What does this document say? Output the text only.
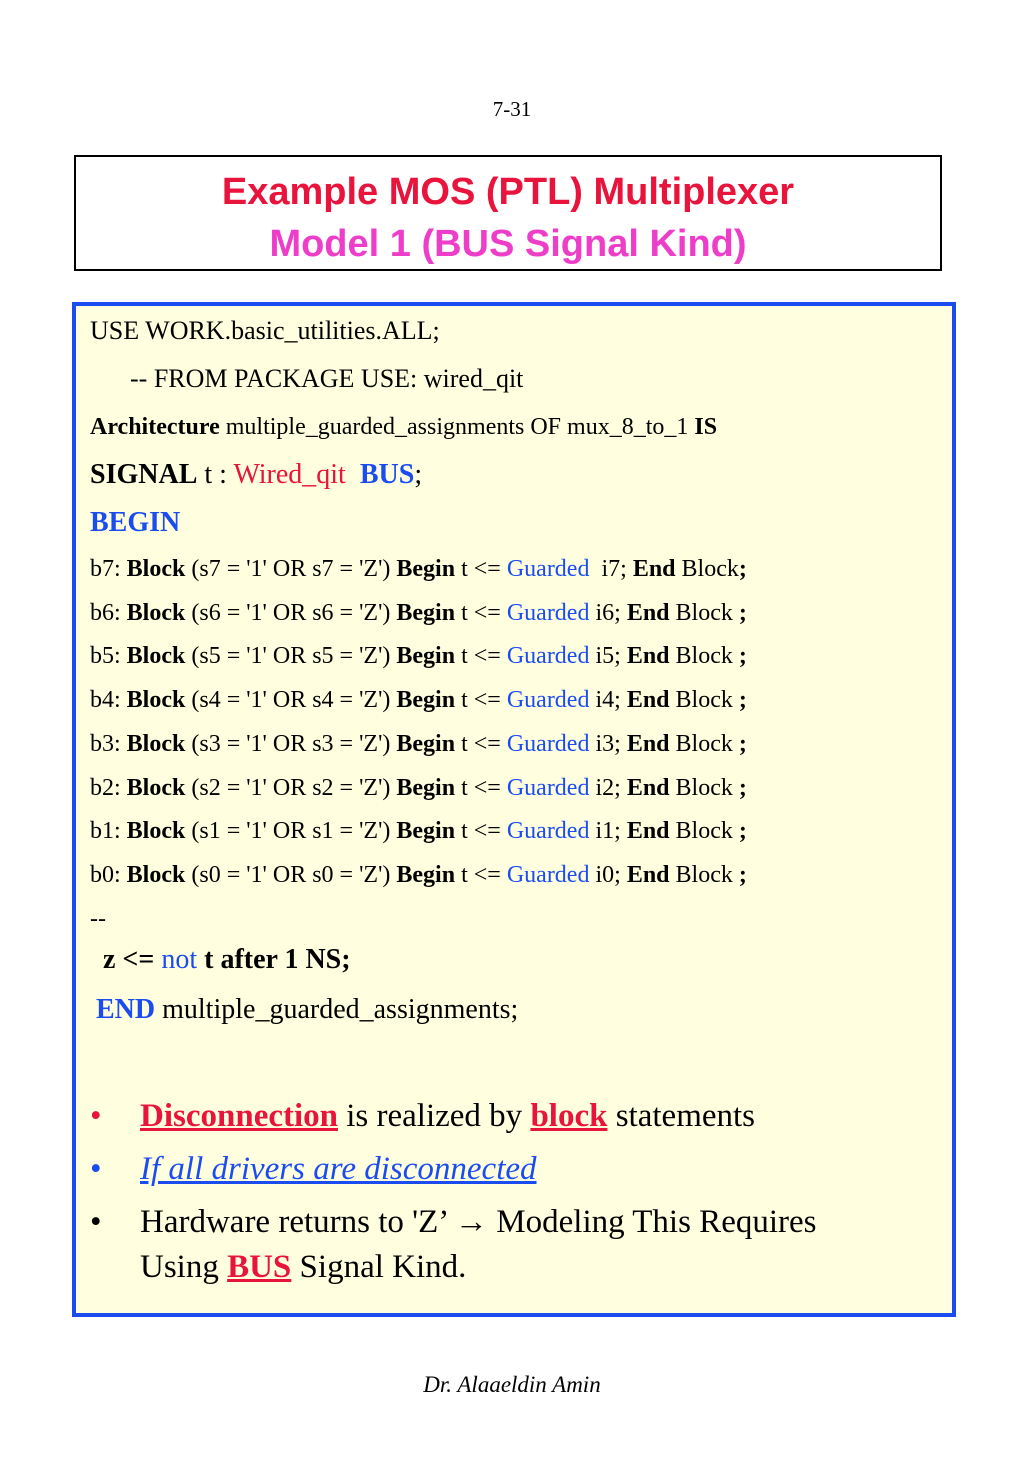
7-31
Example MOS (PTL) Multiplexer
Model 1 (BUS Signal Kind)
USE WORK.basic_utilities.ALL;
-- FROM PACKAGE USE: wired_qit
Architecture multiple_guarded_assignments OF mux_8_to_1 IS
SIGNAL t : Wired_qit BUS;
BEGIN
b7: Block (s7 = '1' OR s7 = 'Z') Begin t <= Guarded  i7; End Block;
b6: Block (s6 = '1' OR s6 = 'Z') Begin t <= Guarded i6; End Block ;
b5: Block (s5 = '1' OR s5 = 'Z') Begin t <= Guarded i5; End Block ;
b4: Block (s4 = '1' OR s4 = 'Z') Begin t <= Guarded i4; End Block ;
b3: Block (s3 = '1' OR s3 = 'Z') Begin t <= Guarded i3; End Block ;
b2: Block (s2 = '1' OR s2 = 'Z') Begin t <= Guarded i2; End Block ;
b1: Block (s1 = '1' OR s1 = 'Z') Begin t <= Guarded i1; End Block ;
b0: Block (s0 = '1' OR s0 = 'Z') Begin t <= Guarded i0; End Block ;
--
z <= not t after 1 NS;
END multiple_guarded_assignments;
• Disconnection is realized by block statements
• If all drivers are disconnected
• Hardware returns to 'Z’ → Modeling This Requires
Using BUS Signal Kind.
Dr. Alaaeldin Amin
